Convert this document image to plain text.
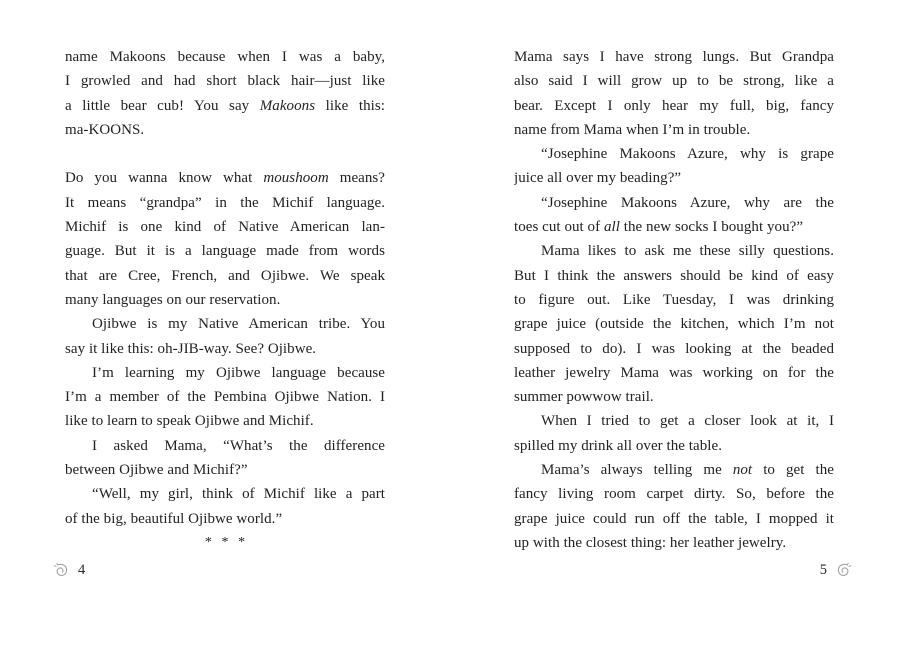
name Makoons because when I was a baby,
I growled and had short black hair—just like
a little bear cub! You say Makoons like this:
ma-KOONS.
Do you wanna know what moushoom means?
It means “grandpa” in the Michif language.
Michif is one kind of Native American lan-
guage. But it is a language made from words
that are Cree, French, and Ojibwe. We speak
many languages on our reservation.
Ojibwe is my Native American tribe. You
say it like this: oh-JIB-way. See? Ojibwe.
I’m learning my Ojibwe language because
I’m a member of the Pembina Ojibwe Nation. I
like to learn to speak Ojibwe and Michif.
I asked Mama, “What’s the difference
between Ojibwe and Michif?”
“Well, my girl, think of Michif like a part
of the big, beautiful Ojibwe world.”
* * *
4
Mama says I have strong lungs. But Grandpa
also said I will grow up to be strong, like a
bear. Except I only hear my full, big, fancy
name from Mama when I’m in trouble.
“Josephine Makoons Azure, why is grape
juice all over my beading?”
“Josephine Makoons Azure, why are the
toes cut out of all the new socks I bought you?”
Mama likes to ask me these silly questions.
But I think the answers should be kind of easy
to figure out. Like Tuesday, I was drinking
grape juice (outside the kitchen, which I’m not
supposed to do). I was looking at the beaded
leather jewelry Mama was working on for the
summer powwow trail.
When I tried to get a closer look at it, I
spilled my drink all over the table.
Mama’s always telling me not to get the
fancy living room carpet dirty. So, before the
grape juice could run off the table, I mopped it
up with the closest thing: her leather jewelry.
5
